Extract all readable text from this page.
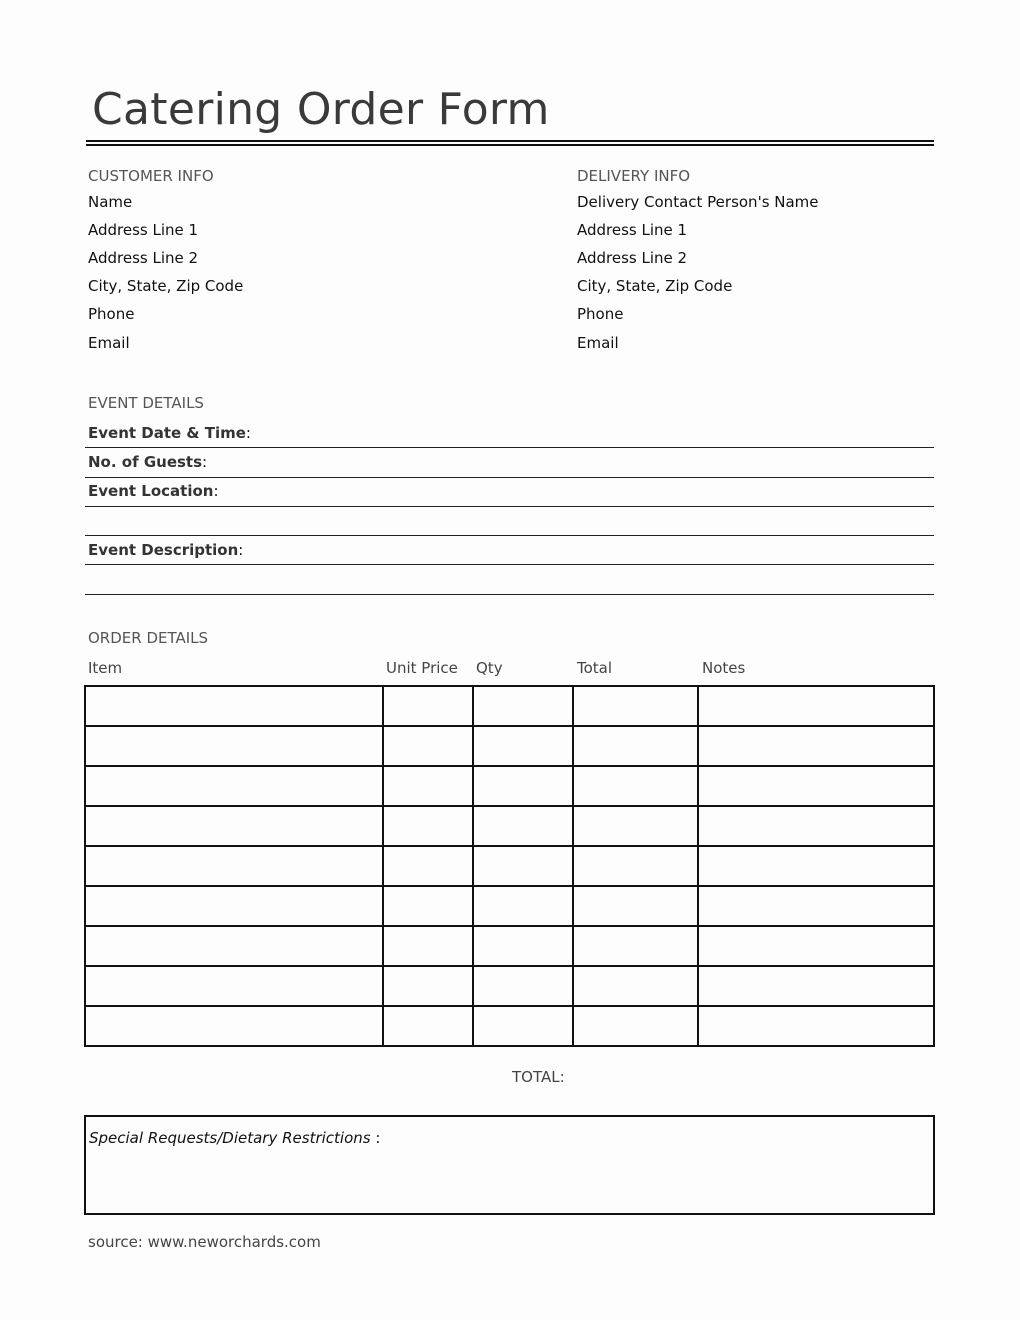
Catering Order Form
CUSTOMER INFO
Name
Address Line 1
Address Line 2
City, State, Zip Code
Phone
Email
DELIVERY INFO
Delivery Contact Person's Name
Address Line 1
Address Line 2
City, State, Zip Code
Phone
Email
EVENT DETAILS
Event Date & Time:
No. of Guests:
Event Location:
Event Description:
ORDER DETAILS
Item	Unit Price Qty	Total	Notes

TOTAL:
Special Requests/Dietary Restrictions :
source: www.neworchards.com
